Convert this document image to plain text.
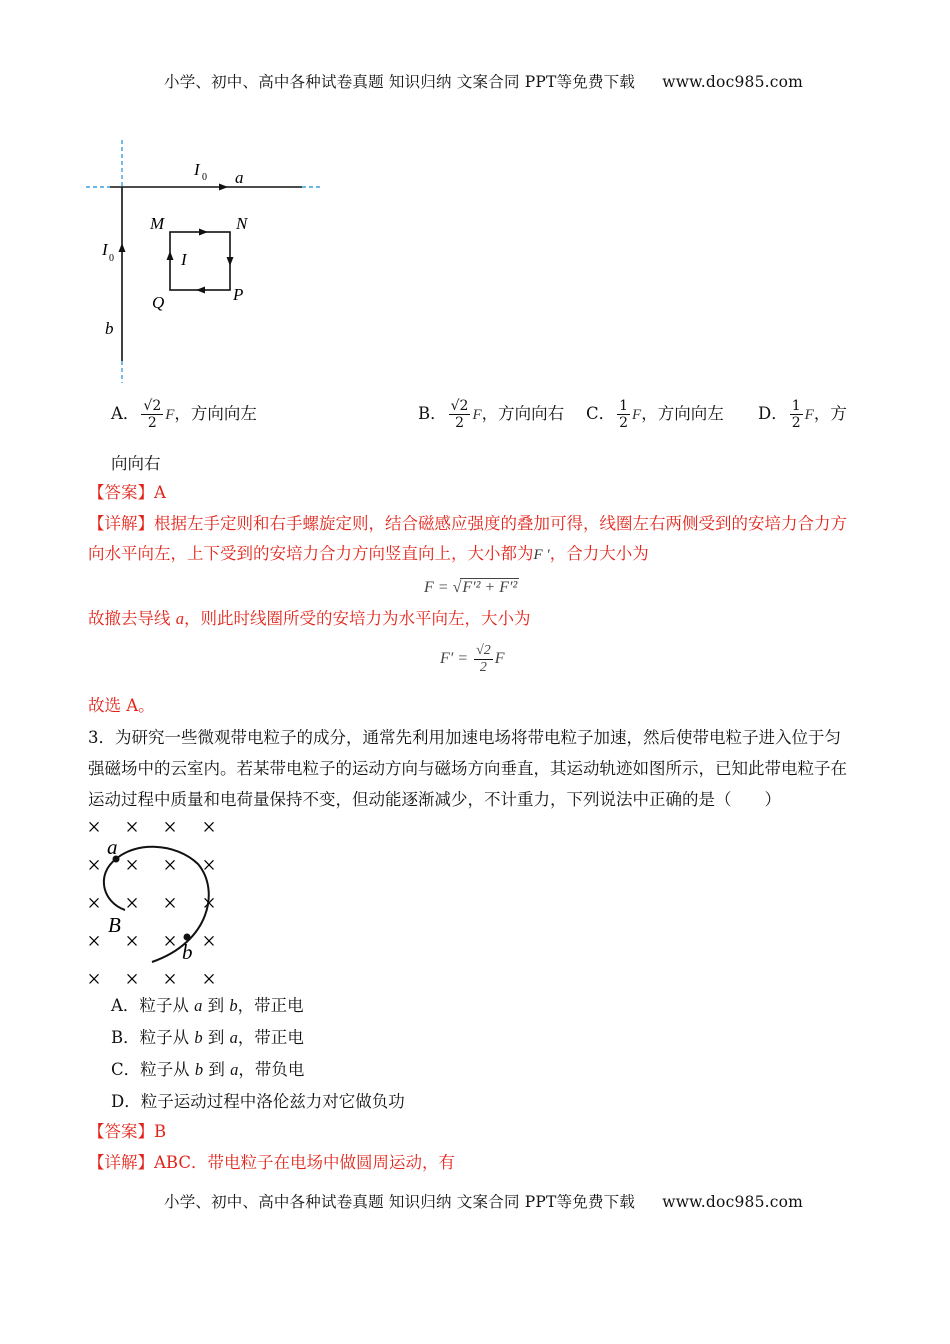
小学、初中、高中各种试卷真题 知识归纳 文案合同 PPT等免费下载 www.doc985.com
I 0 a
M	N
I
I 0
Q	P
b
A． $\frac{√2}{2}$ F，方向向左	B． $\frac{√2}{2}$ F，方向向右 C． $\frac{1}{2}$ F，方向向左 D． $\frac{1}{2}$ F，方
向向右
【答案】A
【详解】根据左手定则和右手螺旋定则，结合磁感应强度的叠加可得，线圈左右两侧受到的安培力合力方
向水平向左，上下受到的安培力合力方向竖直向上，大小都为F ′，合力大小为
F = √F′² + F′²
故撤去导线 a，则此时线圈所受的安培力为水平向左，大小为
$F' = \frac{√2}{2}$ F
故选 A。
3．为研究一些微观带电粒子的成分，通常先利用加速电场将带电粒子加速，然后使带电粒子进入位于匀
强磁场中的云室内。若某带电粒子的运动方向与磁场方向垂直，其运动轨迹如图所示，已知此带电粒子在
运动过程中质量和电荷量保持不变，但动能逐渐减少，不计重力，下列说法中正确的是（　　）
× × × ×
× × × ×
× × × ×
× × × ×
× × × ×
a
B
b
A．粒子从 a 到 b，带正电
B．粒子从 b 到 a，带正电
C．粒子从 b 到 a，带负电
D．粒子运动过程中洛伦兹力对它做负功
【答案】B
【详解】ABC．带电粒子在电场中做圆周运动，有
小学、初中、高中各种试卷真题 知识归纳 文案合同 PPT等免费下载 www.doc985.com
